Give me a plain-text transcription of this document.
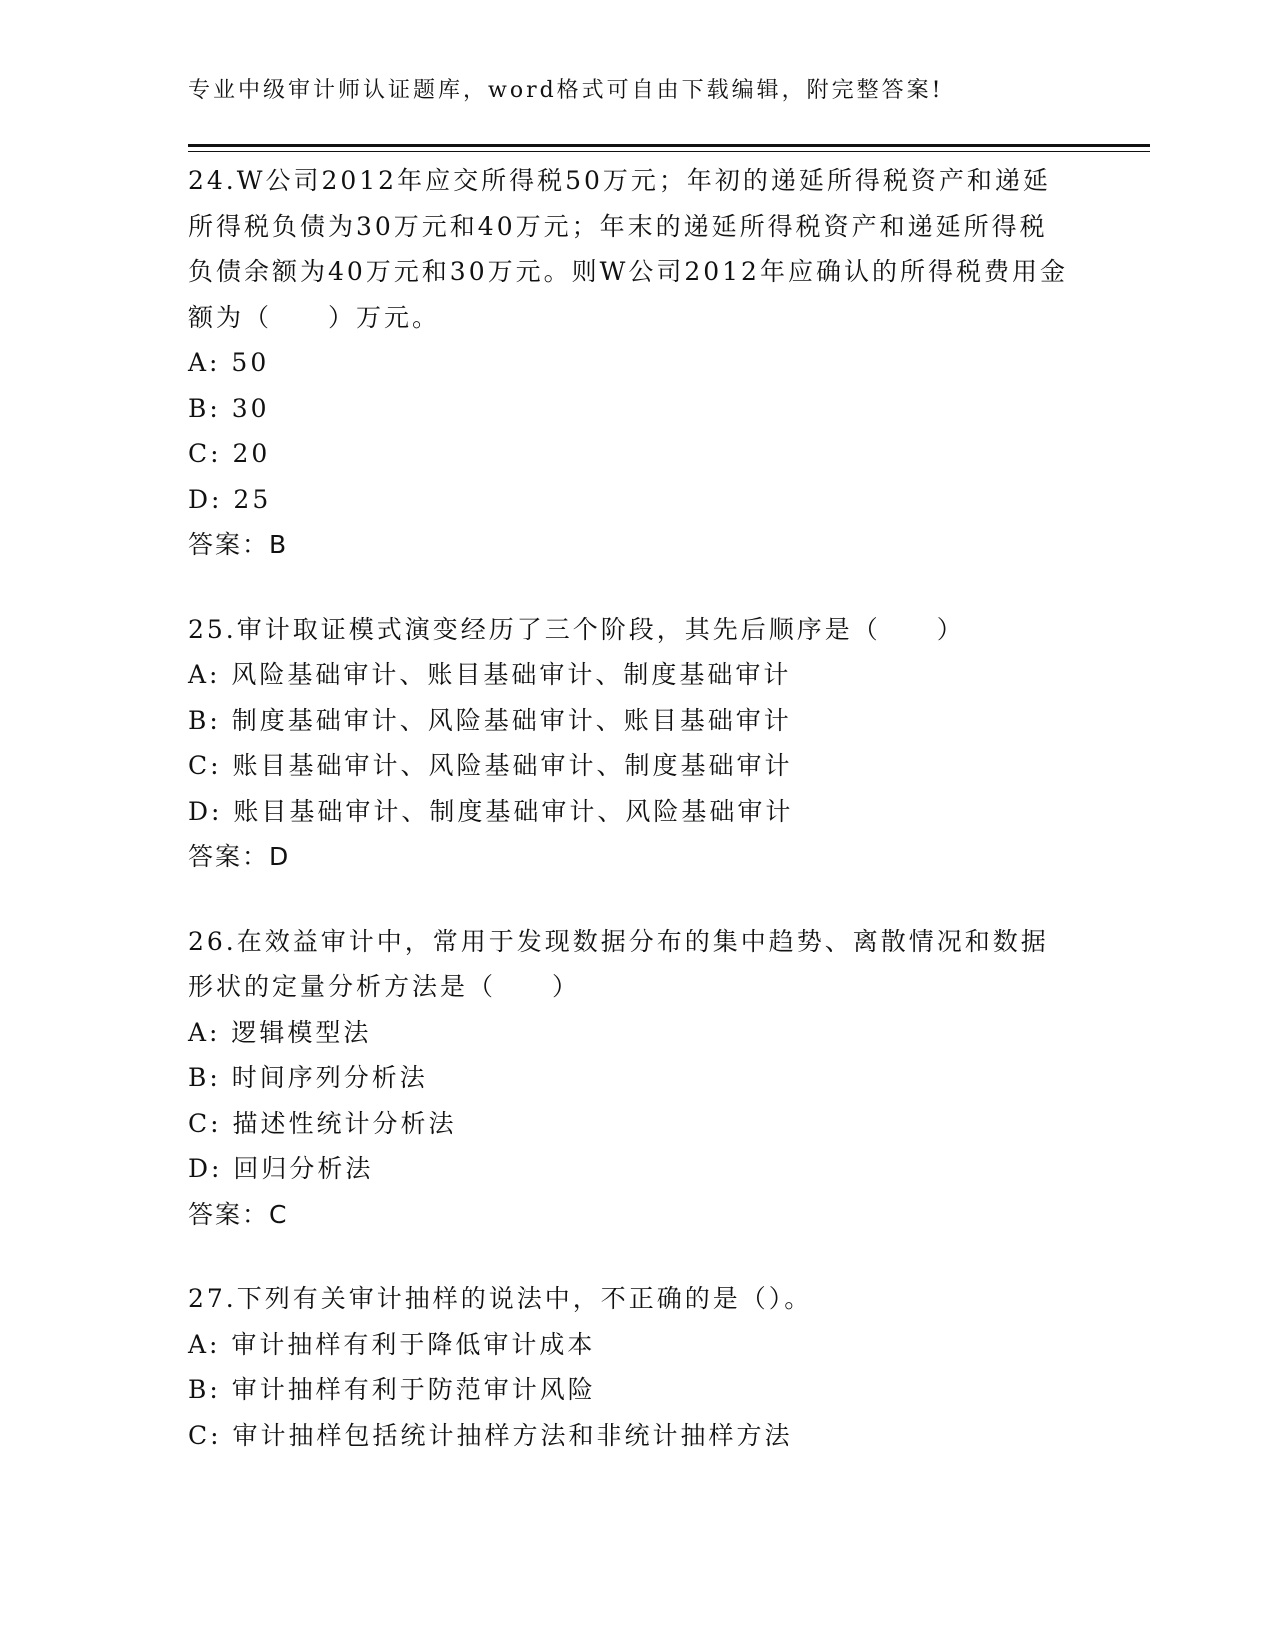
专业中级审计师认证题库，word格式可自由下载编辑，附完整答案!
24.W公司2012年应交所得税50万元；年初的递延所得税资产和递延所得税负债为30万元和40万元；年末的递延所得税资产和递延所得税负债余额为40万元和30万元。则W公司2012年应确认的所得税费用金额为（　　）万元。
A: 50
B: 30
C: 20
D: 25
答案：B
25.审计取证模式演变经历了三个阶段，其先后顺序是（　　）
A: 风险基础审计、账目基础审计、制度基础审计
B: 制度基础审计、风险基础审计、账目基础审计
C: 账目基础审计、风险基础审计、制度基础审计
D: 账目基础审计、制度基础审计、风险基础审计
答案：D
26.在效益审计中，常用于发现数据分布的集中趋势、离散情况和数据形状的定量分析方法是（　　）
A: 逻辑模型法
B: 时间序列分析法
C: 描述性统计分析法
D: 回归分析法
答案：C
27.下列有关审计抽样的说法中，不正确的是（）。
A: 审计抽样有利于降低审计成本
B: 审计抽样有利于防范审计风险
C: 审计抽样包括统计抽样方法和非统计抽样方法
